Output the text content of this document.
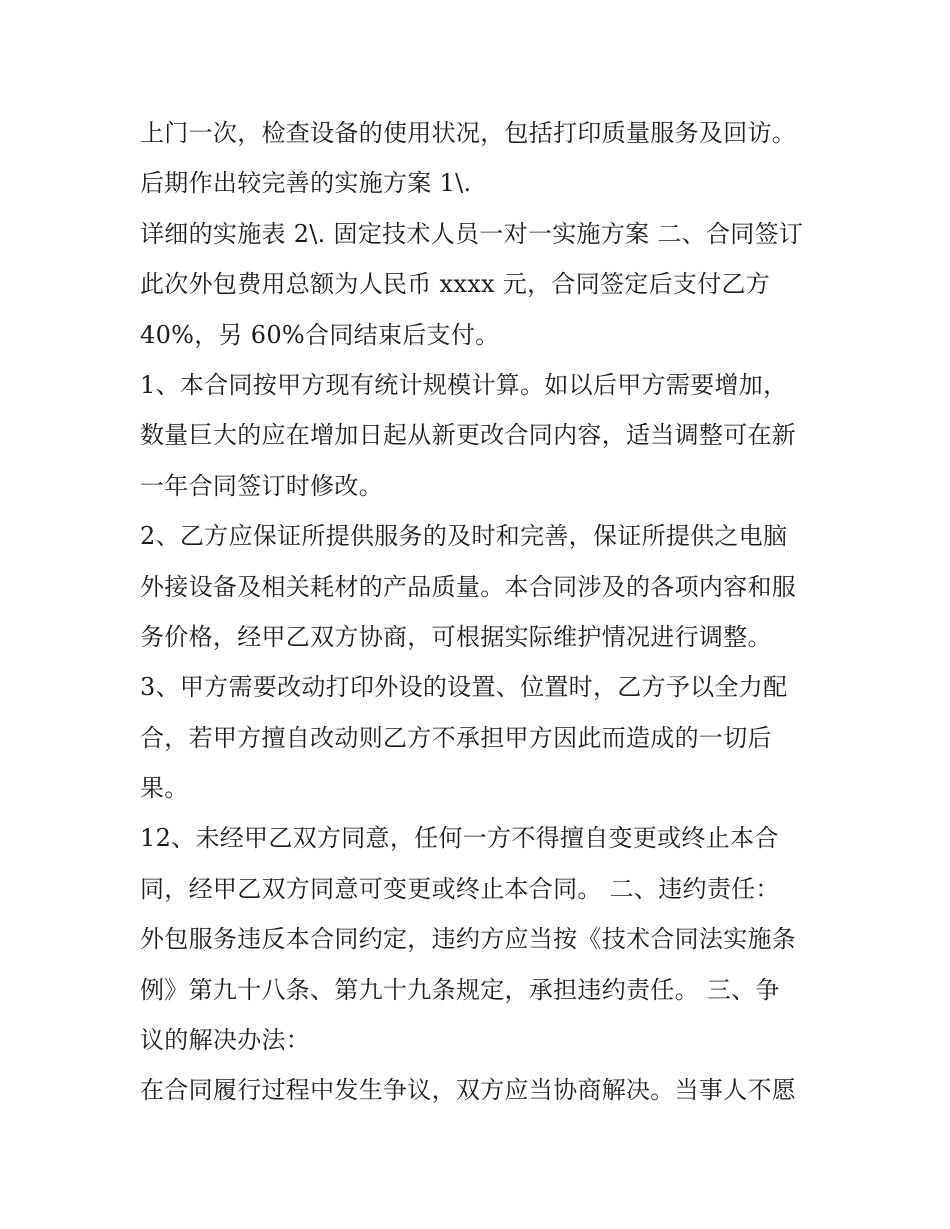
上门一次，检查设备的使用状况，包括打印质量服务及回访。
后期作出较完善的实施方案 1\.
详细的实施表 2\. 固定技术人员一对一实施方案 二、合同签订
此次外包费用总额为人民币 xxxx 元，合同签定后支付乙方
40%，另 60%合同结束后支付。
1、本合同按甲方现有统计规模计算。如以后甲方需要增加，
数量巨大的应在增加日起从新更改合同内容，适当调整可在新
一年合同签订时修改。
2、乙方应保证所提供服务的及时和完善，保证所提供之电脑
外接设备及相关耗材的产品质量。本合同涉及的各项内容和服
务价格，经甲乙双方协商，可根据实际维护情况进行调整。
3、甲方需要改动打印外设的设置、位置时，乙方予以全力配
合，若甲方擅自改动则乙方不承担甲方因此而造成的一切后
果。
12、未经甲乙双方同意，任何一方不得擅自变更或终止本合
同，经甲乙双方同意可变更或终止本合同。 二、违约责任：
外包服务违反本合同约定，违约方应当按《技术合同法实施条
例》第九十八条、第九十九条规定，承担违约责任。 三、争
议的解决办法：
在合同履行过程中发生争议，双方应当协商解决。当事人不愿
